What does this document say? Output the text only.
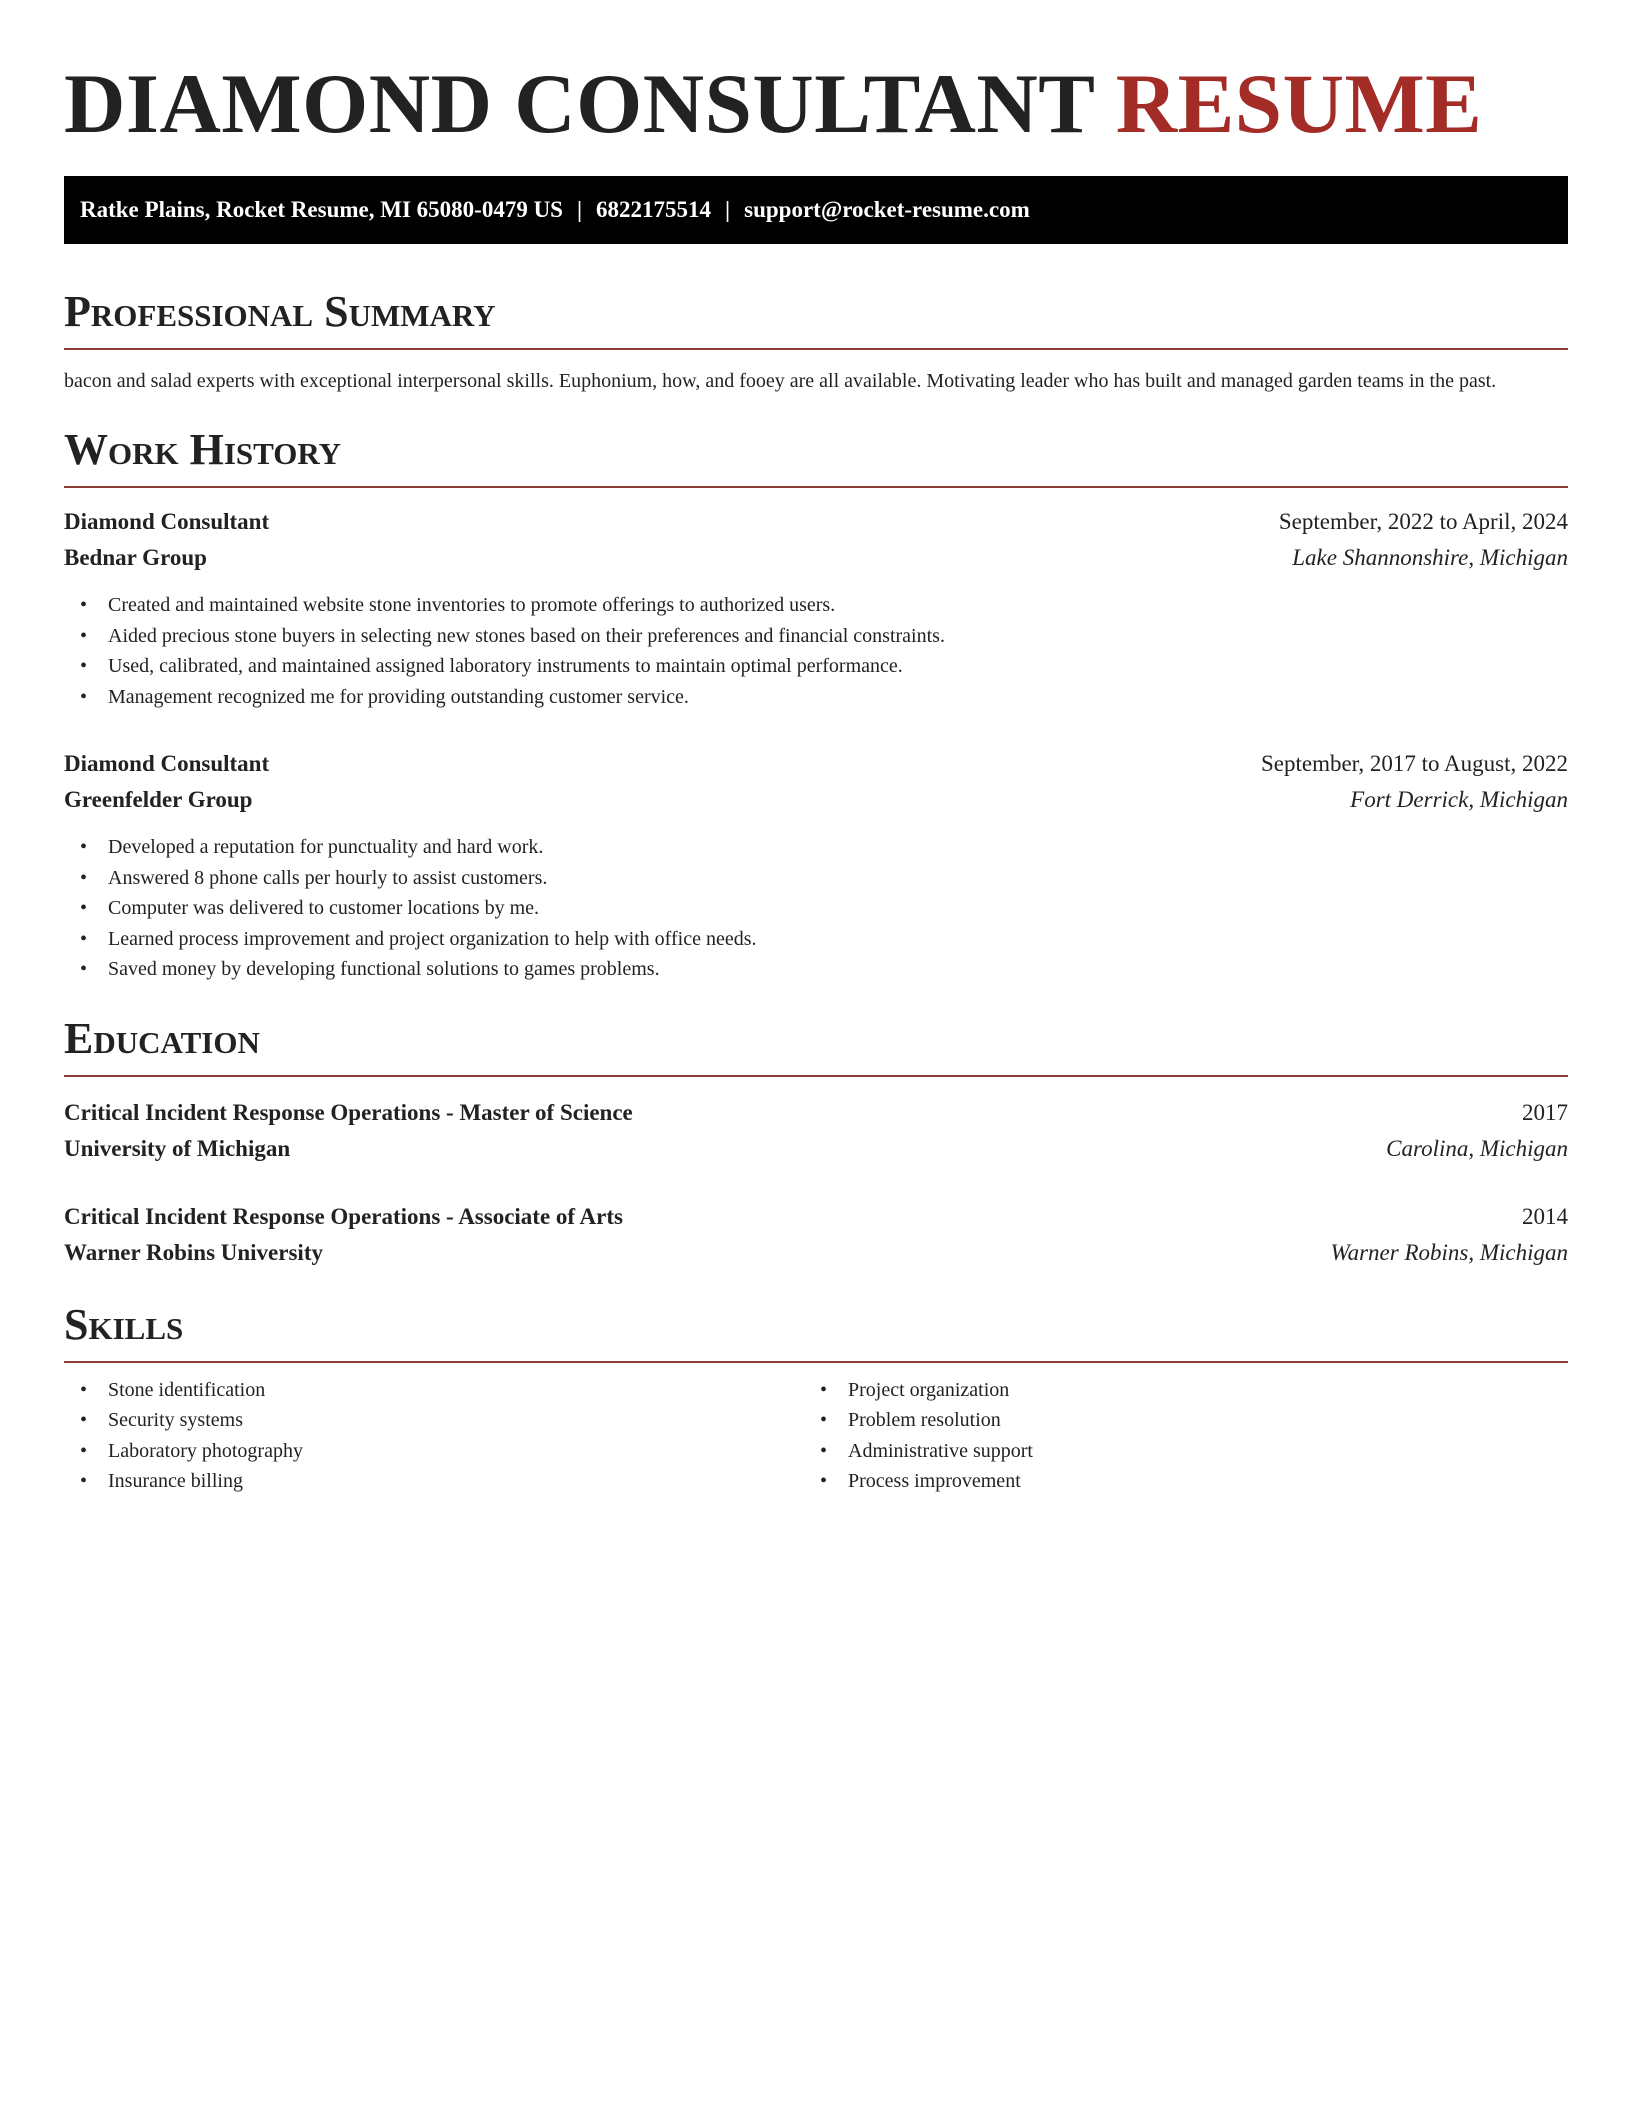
DIAMOND CONSULTANT RESUME
Ratke Plains, Rocket Resume, MI 65080-0479 US | 6822175514 | support@rocket-resume.com
Professional Summary

bacon and salad experts with exceptional interpersonal skills. Euphonium, how, and fooey are all available. Motivating leader who has built and managed garden teams in the past.

Work History
Diamond Consultant	September, 2022 to April, 2024
Bednar Group	Lake Shannonshire, Michigan
• Created and maintained website stone inventories to promote offerings to authorized users.
• Aided precious stone buyers in selecting new stones based on their preferences and financial constraints.
• Used, calibrated, and maintained assigned laboratory instruments to maintain optimal performance.
• Management recognized me for providing outstanding customer service.
Diamond Consultant	September, 2017 to August, 2022
Greenfelder Group	Fort Derrick, Michigan
• Developed a reputation for punctuality and hard work.
• Answered 8 phone calls per hourly to assist customers.
• Computer was delivered to customer locations by me.
• Learned process improvement and project organization to help with office needs.
• Saved money by developing functional solutions to games problems.
Education
Critical Incident Response Operations - Master of Science	2017
University of Michigan	Carolina, Michigan
Critical Incident Response Operations - Associate of Arts	2014
Warner Robins University	Warner Robins, Michigan
Skills
• Stone identification
• Security systems
• Laboratory photography
• Insurance billing
• Project organization
• Problem resolution
• Administrative support
• Process improvement
